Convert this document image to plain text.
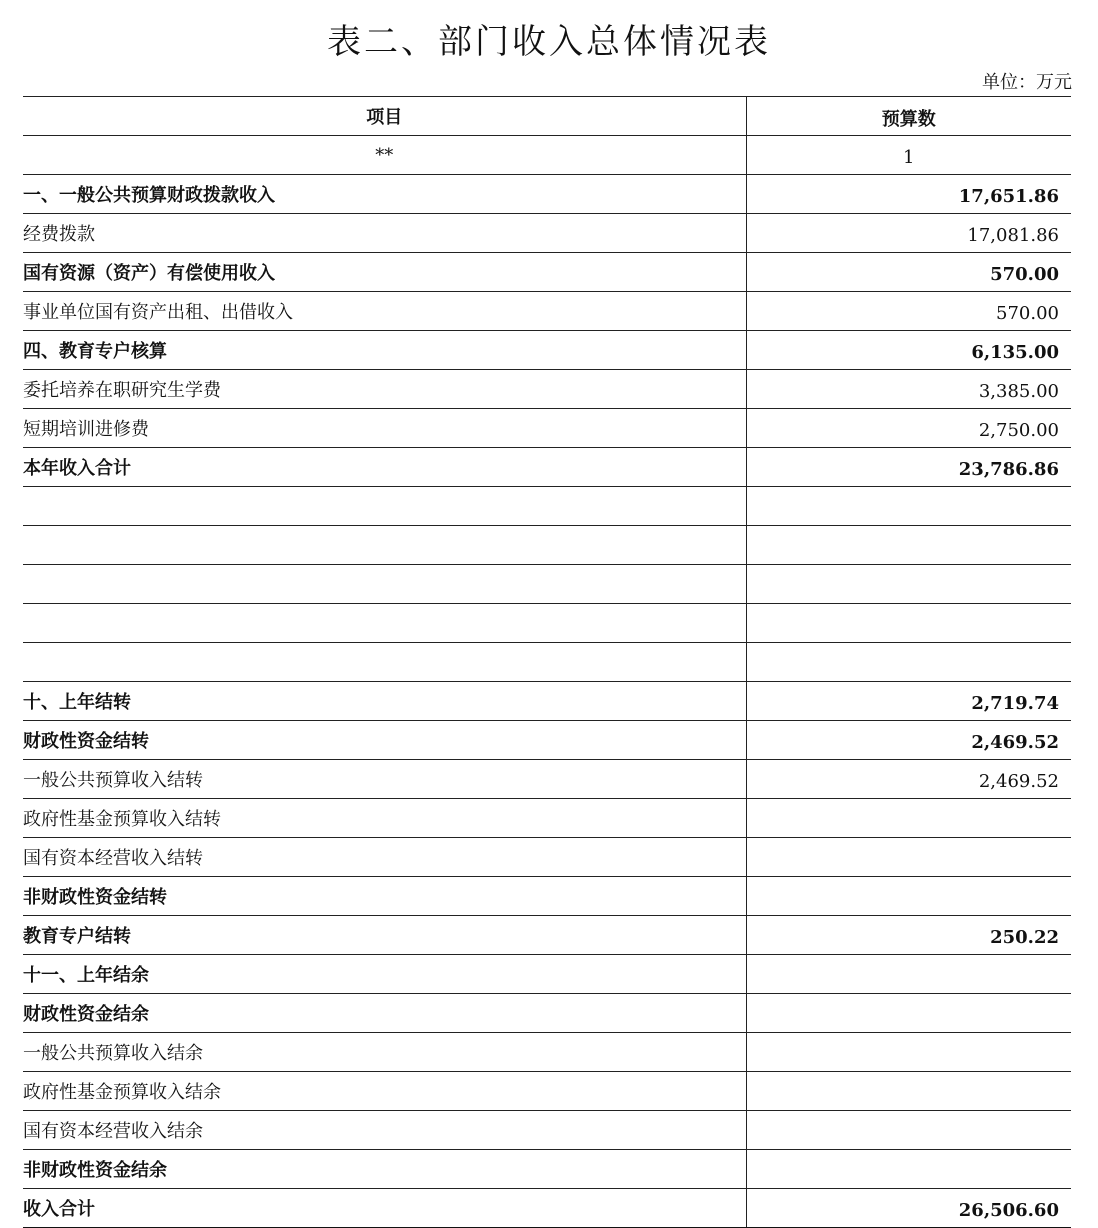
表二、部门收入总体情况表
单位：万元
项目	预算数
**	1
一、一般公共预算财政拨款收入	17,651.86
经费拨款	17,081.86
国有资源（资产）有偿使用收入	570.00
事业单位国有资产出租、出借收入	570.00
四、教育专户核算	6,135.00
委托培养在职研究生学费	3,385.00
短期培训进修费	2,750.00
本年收入合计	23,786.86

十、上年结转	2,719.74
财政性资金结转	2,469.52
一般公共预算收入结转	2,469.52
政府性基金预算收入结转	
国有资本经营收入结转	
非财政性资金结转	
教育专户结转	250.22
十一、上年结余	
财政性资金结余	
一般公共预算收入结余	
政府性基金预算收入结余	
国有资本经营收入结余	
非财政性资金结余	
收入合计	26,506.60
